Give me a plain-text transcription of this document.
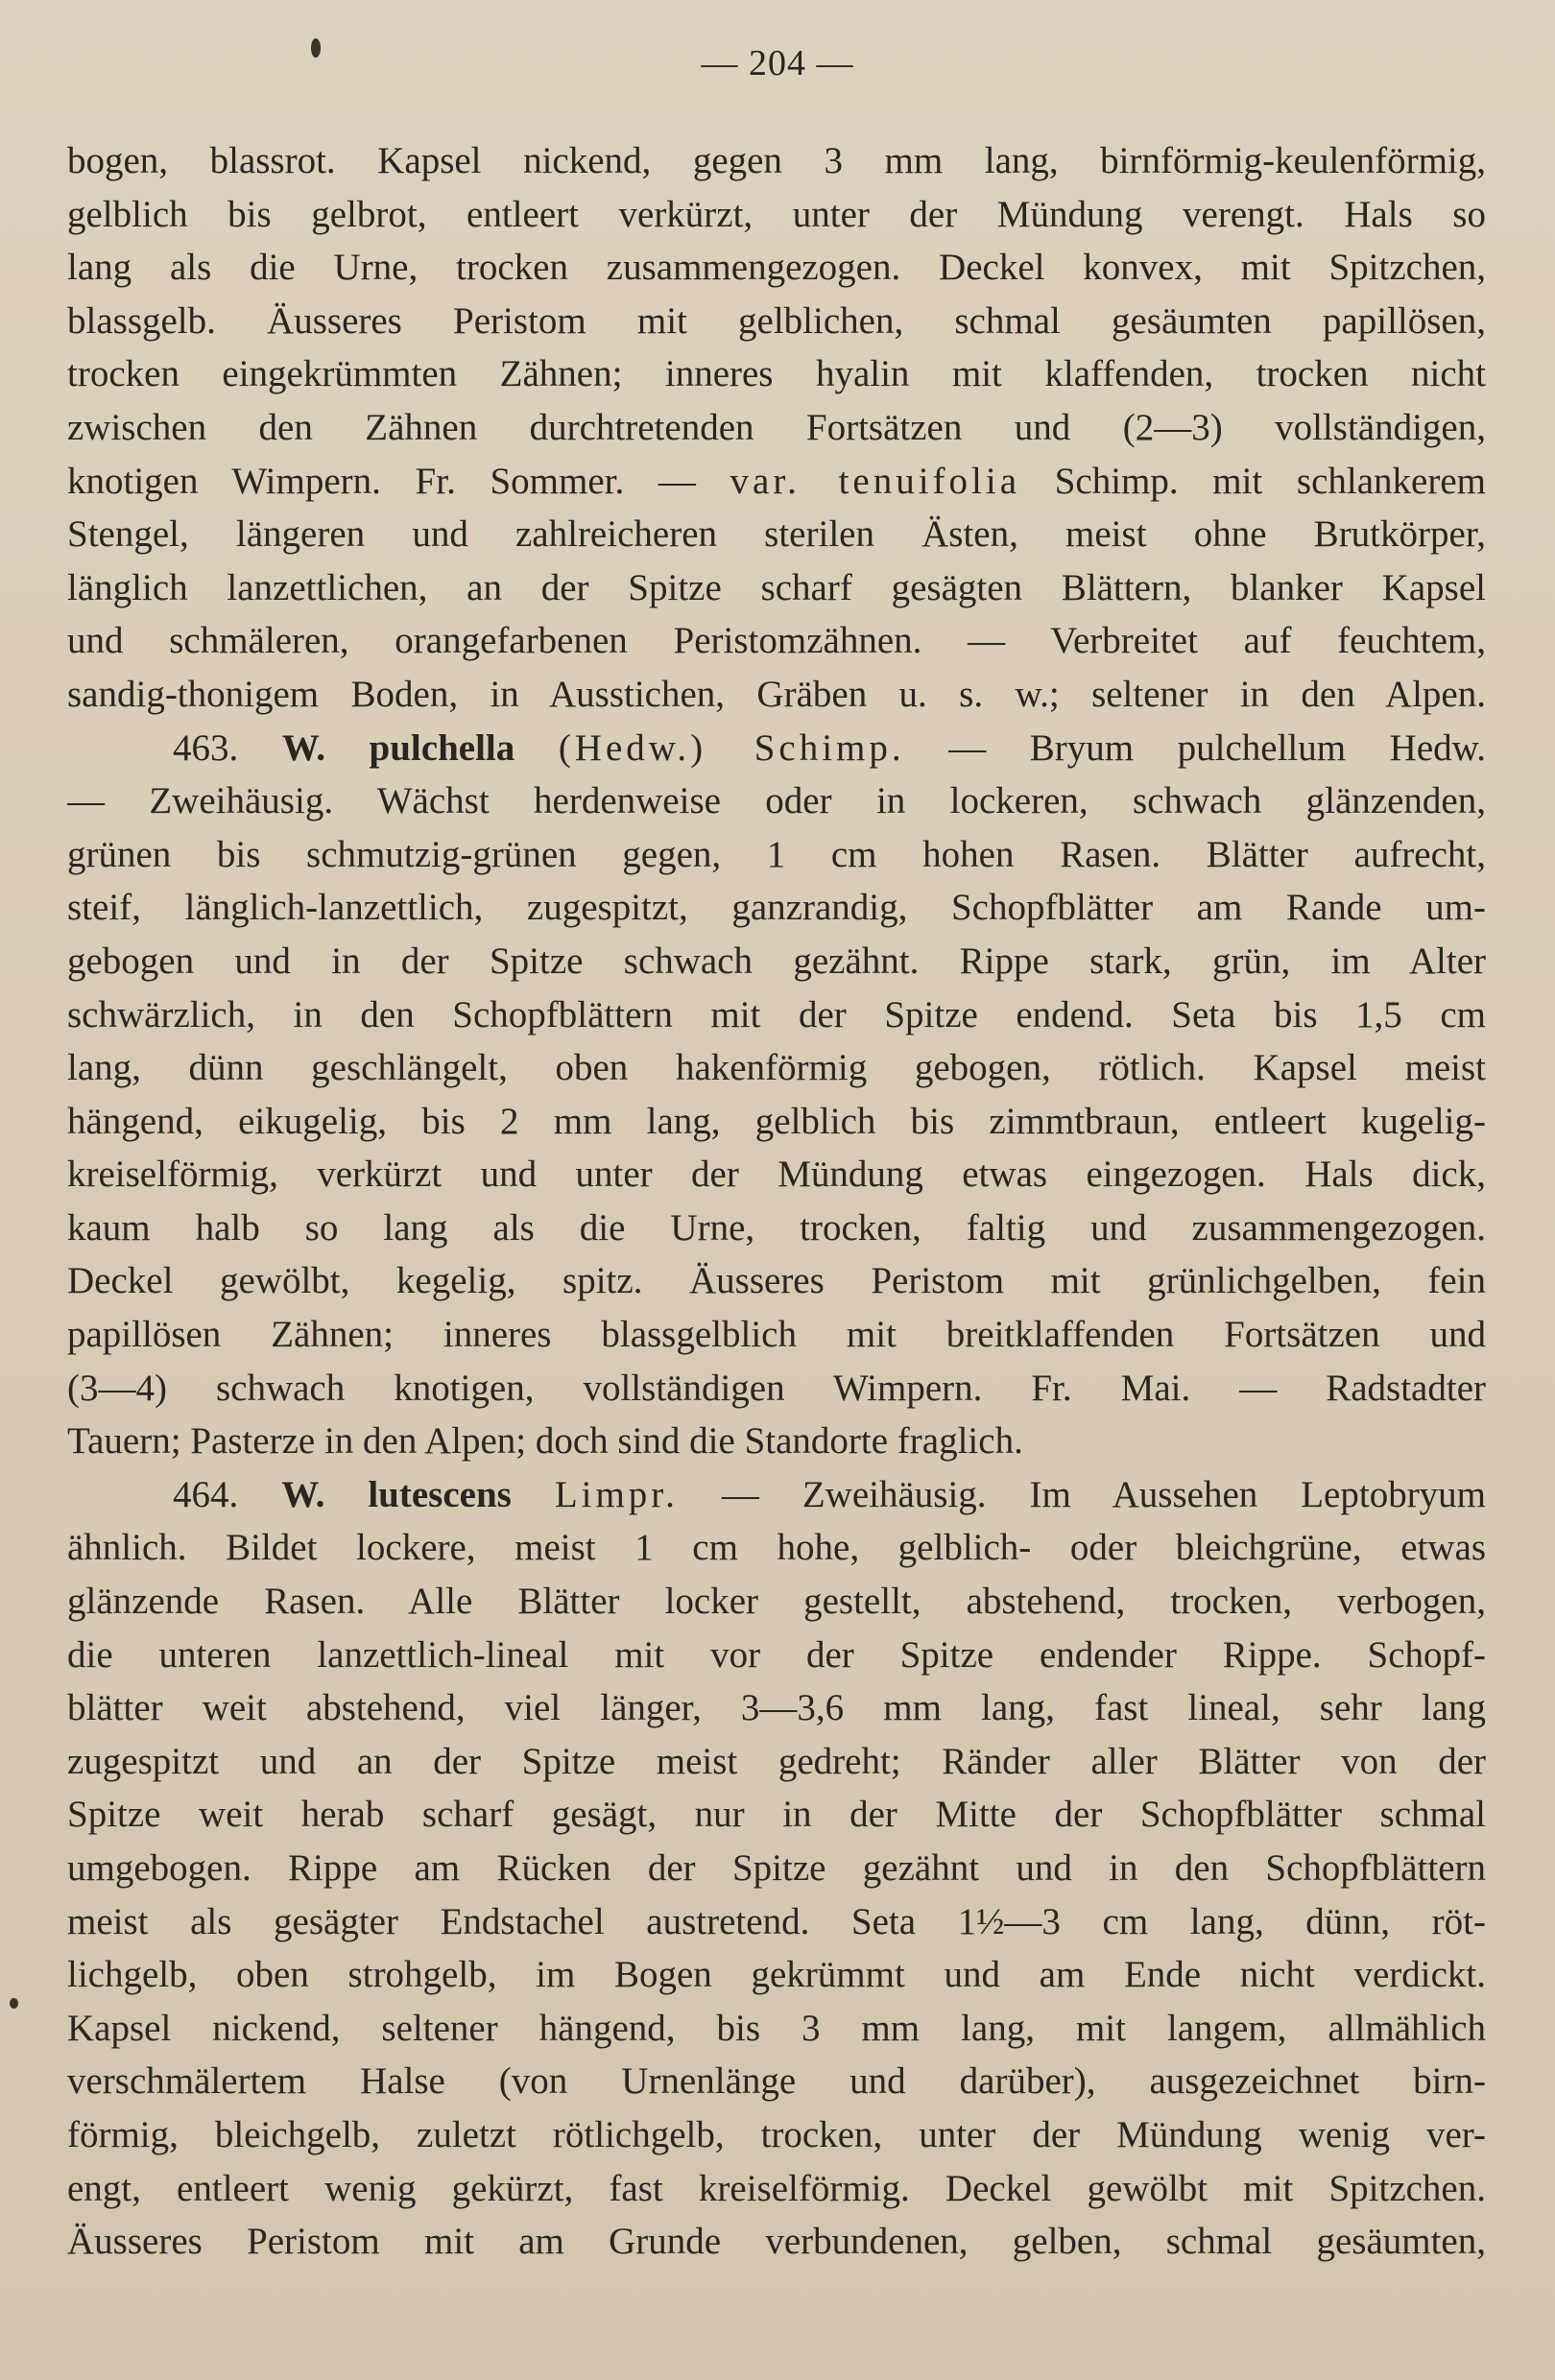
— 204 —
bogen, blassrot. Kapsel nickend, gegen 3 mm lang, birnförmig-keulenförmig,
gelblich bis gelbrot, entleert verkürzt, unter der Mündung verengt. Hals so
lang als die Urne, trocken zusammengezogen. Deckel konvex, mit Spitzchen,
blassgelb. Äusseres Peristom mit gelblichen, schmal gesäumten papillösen,
trocken eingekrümmten Zähnen; inneres hyalin mit klaffenden, trocken nicht
zwischen den Zähnen durchtretenden Fortsätzen und (2—3) vollständigen,
knotigen Wimpern. Fr. Sommer. — var. tenuifolia Schimp. mit schlankerem
Stengel, längeren und zahlreicheren sterilen Ästen, meist ohne Brutkörper,
länglich lanzettlichen, an der Spitze scharf gesägten Blättern, blanker Kapsel
und schmäleren, orangefarbenen Peristomzähnen. — Verbreitet auf feuchtem,
sandig-thonigem Boden, in Ausstichen, Gräben u. s. w.; seltener in den Alpen.
463. W. pulchella (Hedw.) Schimp. — Bryum pulchellum Hedw.
— Zweihäusig. Wächst herdenweise oder in lockeren, schwach glänzenden,
grünen bis schmutzig-grünen gegen, 1 cm hohen Rasen. Blätter aufrecht,
steif, länglich-lanzettlich, zugespitzt, ganzrandig, Schopfblätter am Rande um-
gebogen und in der Spitze schwach gezähnt. Rippe stark, grün, im Alter
schwärzlich, in den Schopfblättern mit der Spitze endend. Seta bis 1,5 cm
lang, dünn geschlängelt, oben hakenförmig gebogen, rötlich. Kapsel meist
hängend, eikugelig, bis 2 mm lang, gelblich bis zimmtbraun, entleert kugelig-
kreiselförmig, verkürzt und unter der Mündung etwas eingezogen. Hals dick,
kaum halb so lang als die Urne, trocken, faltig und zusammengezogen.
Deckel gewölbt, kegelig, spitz. Äusseres Peristom mit grünlichgelben, fein
papillösen Zähnen; inneres blassgelblich mit breitklaffenden Fortsätzen und
(3—4) schwach knotigen, vollständigen Wimpern. Fr. Mai. — Radstadter
Tauern; Pasterze in den Alpen; doch sind die Standorte fraglich.
464. W. lutescens Limpr. — Zweihäusig. Im Aussehen Leptobryum
ähnlich. Bildet lockere, meist 1 cm hohe, gelblich- oder bleichgrüne, etwas
glänzende Rasen. Alle Blätter locker gestellt, abstehend, trocken, verbogen,
die unteren lanzettlich-lineal mit vor der Spitze endender Rippe. Schopf-
blätter weit abstehend, viel länger, 3—3,6 mm lang, fast lineal, sehr lang
zugespitzt und an der Spitze meist gedreht; Ränder aller Blätter von der
Spitze weit herab scharf gesägt, nur in der Mitte der Schopfblätter schmal
umgebogen. Rippe am Rücken der Spitze gezähnt und in den Schopfblättern
meist als gesägter Endstachel austretend. Seta 1½—3 cm lang, dünn, röt-
lichgelb, oben strohgelb, im Bogen gekrümmt und am Ende nicht verdickt.
Kapsel nickend, seltener hängend, bis 3 mm lang, mit langem, allmählich
verschmälertem Halse (von Urnenlänge und darüber), ausgezeichnet birn-
förmig, bleichgelb, zuletzt rötlichgelb, trocken, unter der Mündung wenig ver-
engt, entleert wenig gekürzt, fast kreiselförmig. Deckel gewölbt mit Spitzchen.
Äusseres Peristom mit am Grunde verbundenen, gelben, schmal gesäumten,
